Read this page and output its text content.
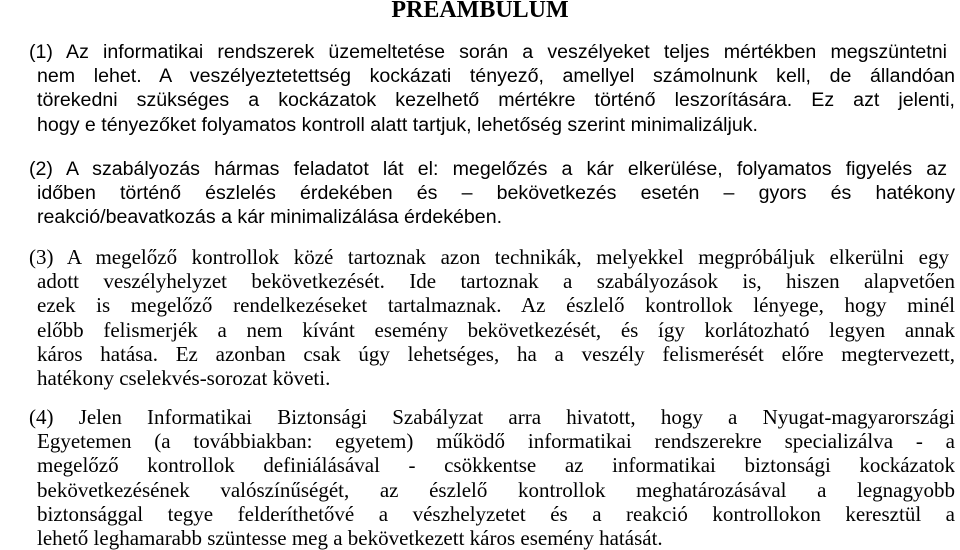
PREAMBULUM
(1) Az informatikai rendszerek üzemeltetése során a veszélyeket teljes mértékben megszüntetni
nem lehet. A veszélyeztetettség kockázati tényező, amellyel számolnunk kell, de állandóan
törekedni szükséges a kockázatok kezelhető mértékre történő leszorítására. Ez azt jelenti,
hogy e tényezőket folyamatos kontroll alatt tartjuk, lehetőség szerint minimalizáljuk.
(2) A szabályozás hármas feladatot lát el: megelőzés a kár elkerülése, folyamatos figyelés az
időben történő észlelés érdekében és – bekövetkezés esetén – gyors és hatékony
reakció/beavatkozás a kár minimalizálása érdekében.
(3) A megelőző kontrollok közé tartoznak azon technikák, melyekkel megpróbáljuk elkerülni egy
adott veszélyhelyzet bekövetkezését. Ide tartoznak a szabályozások is, hiszen alapvetően
ezek is megelőző rendelkezéseket tartalmaznak. Az észlelő kontrollok lényege, hogy minél
előbb felismerjék a nem kívánt esemény bekövetkezését, és így korlátozható legyen annak
káros hatása. Ez azonban csak úgy lehetséges, ha a veszély felismerését előre megtervezett,
hatékony cselekvés-sorozat követi.
(4) Jelen Informatikai Biztonsági Szabályzat arra hivatott, hogy a Nyugat-magyarországi
Egyetemen (a továbbiakban: egyetem) működő informatikai rendszerekre specializálva - a
megelőző kontrollok definiálásával - csökkentse az informatikai biztonsági kockázatok
bekövetkezésének valószínűségét, az észlelő kontrollok meghatározásával a legnagyobb
biztonsággal tegye felderíthetővé a vészhelyzetet és a reakció kontrollokon keresztül a
lehető leghamarabb szüntesse meg a bekövetkezett káros esemény hatását.
